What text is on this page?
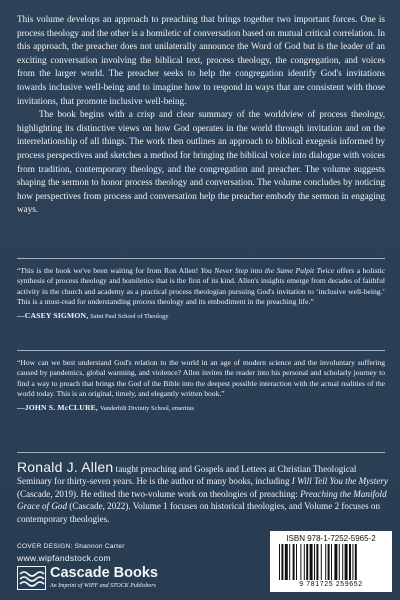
This volume develops an approach to preaching that brings together two important forces. One is process theology and the other is a homiletic of conversation based on mutual critical correlation. In this approach, the preacher does not unilaterally announce the Word of God but is the leader of an exciting conversation involving the biblical text, process theology, the congregation, and voices from the larger world. The preacher seeks to help the congregation identify God's invitations towards inclusive well-being and to imagine how to respond in ways that are consistent with those invitations, that promote inclusive well-being.

The book begins with a crisp and clear summary of the worldview of process theology, highlighting its distinctive views on how God operates in the world through invitation and on the interrelationship of all things. The work then outlines an approach to biblical exegesis informed by process perspectives and sketches a method for bringing the biblical voice into dialogue with voices from tradition, contemporary theology, and the congregation and preacher. The volume suggests shaping the sermon to honor process theology and conversation. The volume concludes by noticing how perspectives from process and conversation help the preacher embody the sermon in engaging ways.

“This is the book we've been waiting for from Ron Allen! You Never Step into the Same Pulpit Twice offers a holistic synthesis of process theology and homiletics that is the first of its kind. Allen's insights emerge from decades of faithful activity in the church and academy as a practical process theologian pursuing God's invitation to ‘inclusive well-being.’ This is a must-read for understanding process theology and its embodiment in the preaching life.”

—CASEY SIGMON, Saint Paul School of Theology

“How can we best understand God's relation to the world in an age of modern science and the involuntary suffering caused by pandemics, global warming, and violence? Allen invites the reader into his personal and scholarly journey to find a way to preach that brings the God of the Bible into the deepest possible interaction with the actual realities of the world today. This is an original, timely, and elegantly written book.”

—JOHN S. McCLURE, Vanderbilt Divinity School, emeritus
Ronald J. Allen taught preaching and Gospels and Letters at Christian Theological Seminary for thirty-seven years. He is the author of many books, including I Will Tell You the Mystery (Cascade, 2019). He edited the two-volume work on theologies of preaching: Preaching the Manifold Grace of God (Cascade, 2022). Volume 1 focuses on historical theologies, and Volume 2 focuses on contemporary theologies.
COVER DESIGN: Shannon Carter
www.wipfandstock.com
Cascade Books
An Imprint of WIPF and STOCK Publishers
ISBN 978-1-7252-5965-2
9 781725 259652
